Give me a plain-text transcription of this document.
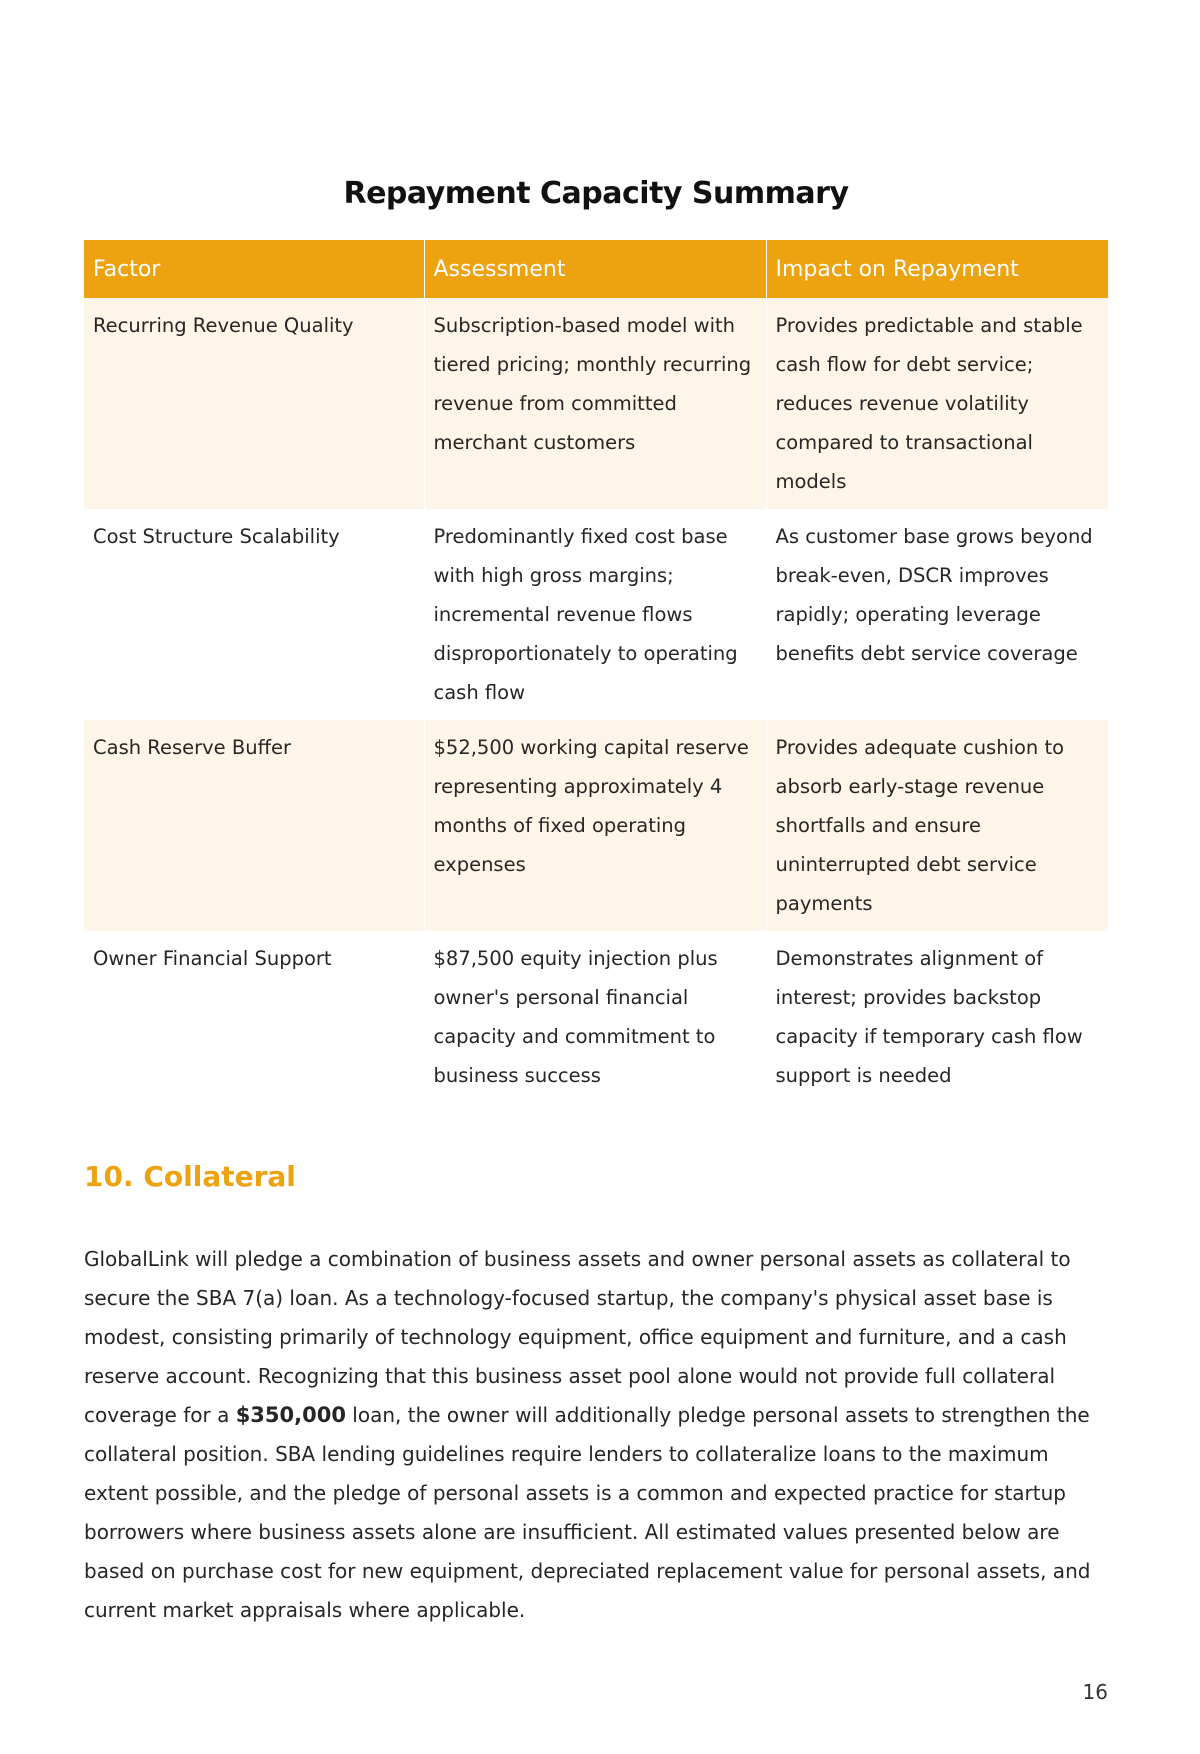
Repayment Capacity Summary
Factor	Assessment	Impact on Repayment
Recurring Revenue Quality	Subscription-based model with tiered pricing; monthly recurring revenue from committed merchant customers	Provides predictable and stable cash flow for debt service; reduces revenue volatility compared to transactional models
Cost Structure Scalability	Predominantly fixed cost base with high gross margins; incremental revenue flows disproportionately to operating cash flow	As customer base grows beyond break-even, DSCR improves rapidly; operating leverage benefits debt service coverage
Cash Reserve Buffer	$52,500 working capital reserve representing approximately 4 months of fixed operating expenses	Provides adequate cushion to absorb early-stage revenue shortfalls and ensure uninterrupted debt service payments
Owner Financial Support	$87,500 equity injection plus owner's personal financial capacity and commitment to business success	Demonstrates alignment of interest; provides backstop capacity if temporary cash flow support is needed
10. Collateral

GlobalLink will pledge a combination of business assets and owner personal assets as collateral to secure the SBA 7(a) loan. As a technology-focused startup, the company's physical asset base is modest, consisting primarily of technology equipment, office equipment and furniture, and a cash reserve account. Recognizing that this business asset pool alone would not provide full collateral coverage for a $350,000 loan, the owner will additionally pledge personal assets to strengthen the collateral position. SBA lending guidelines require lenders to collateralize loans to the maximum extent possible, and the pledge of personal assets is a common and expected practice for startup borrowers where business assets alone are insufficient. All estimated values presented below are based on purchase cost for new equipment, depreciated replacement value for personal assets, and current market appraisals where applicable.

16
